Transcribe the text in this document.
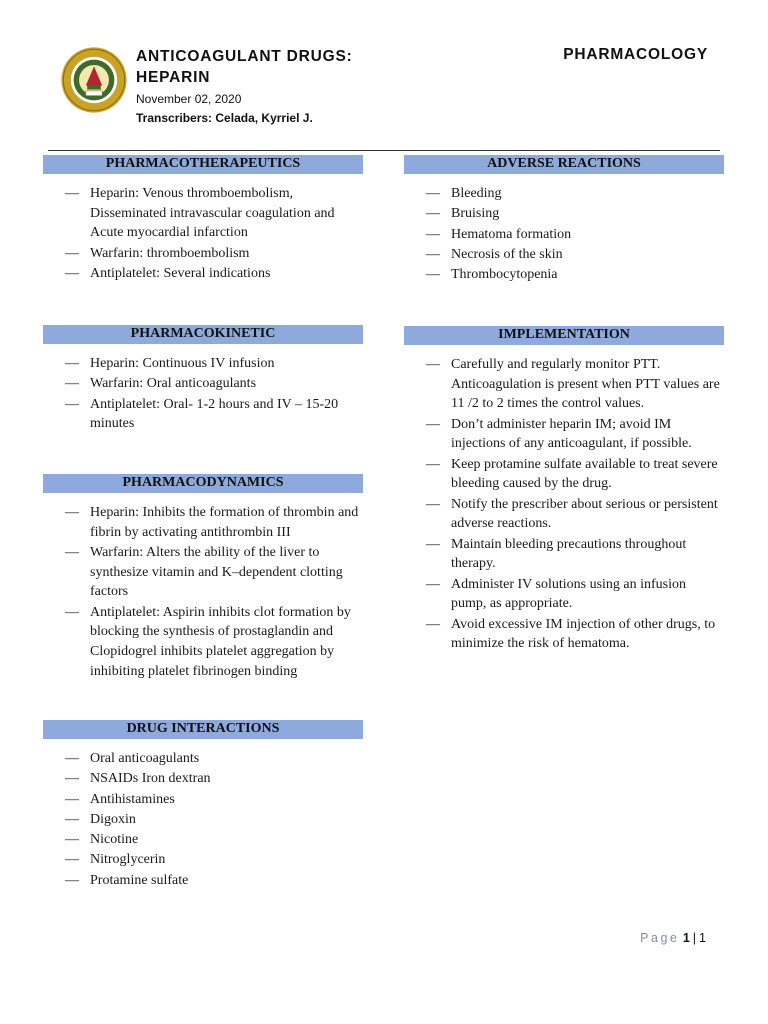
ANTICOAGULANT DRUGS:
HEPARIN
PHARMACOLOGY
November 02, 2020
Transcribers: Celada, Kyrriel J.
PHARMACOTHERAPEUTICS
— Heparin: Venous thromboembolism, Disseminated intravascular coagulation and Acute myocardial infarction
— Warfarin: thromboembolism
— Antiplatelet: Several indications
PHARMACOKINETIC
— Heparin: Continuous IV infusion
— Warfarin: Oral anticoagulants
— Antiplatelet: Oral- 1-2 hours and IV – 15-20 minutes
PHARMACODYNAMICS
— Heparin: Inhibits the formation of thrombin and fibrin by activating antithrombin III
— Warfarin: Alters the ability of the liver to synthesize vitamin and K–dependent clotting factors
— Antiplatelet: Aspirin inhibits clot formation by blocking the synthesis of prostaglandin and Clopidogrel inhibits platelet aggregation by inhibiting platelet fibrinogen binding
DRUG INTERACTIONS
— Oral anticoagulants
— NSAIDs Iron dextran
— Antihistamines
— Digoxin
— Nicotine
— Nitroglycerin
— Protamine sulfate
ADVERSE REACTIONS
— Bleeding
— Bruising
— Hematoma formation
— Necrosis of the skin
— Thrombocytopenia
IMPLEMENTATION
— Carefully and regularly monitor PTT. Anticoagulation is present when PTT values are 11 /2 to 2 times the control values.
— Don’t administer heparin IM; avoid IM injections of any anticoagulant, if possible.
— Keep protamine sulfate available to treat severe bleeding caused by the drug.
— Notify the prescriber about serious or persistent adverse reactions.
— Maintain bleeding precautions throughout therapy.
— Administer IV solutions using an infusion pump, as appropriate.
— Avoid excessive IM injection of other drugs, to minimize the risk of hematoma.
Page 1 | 1
